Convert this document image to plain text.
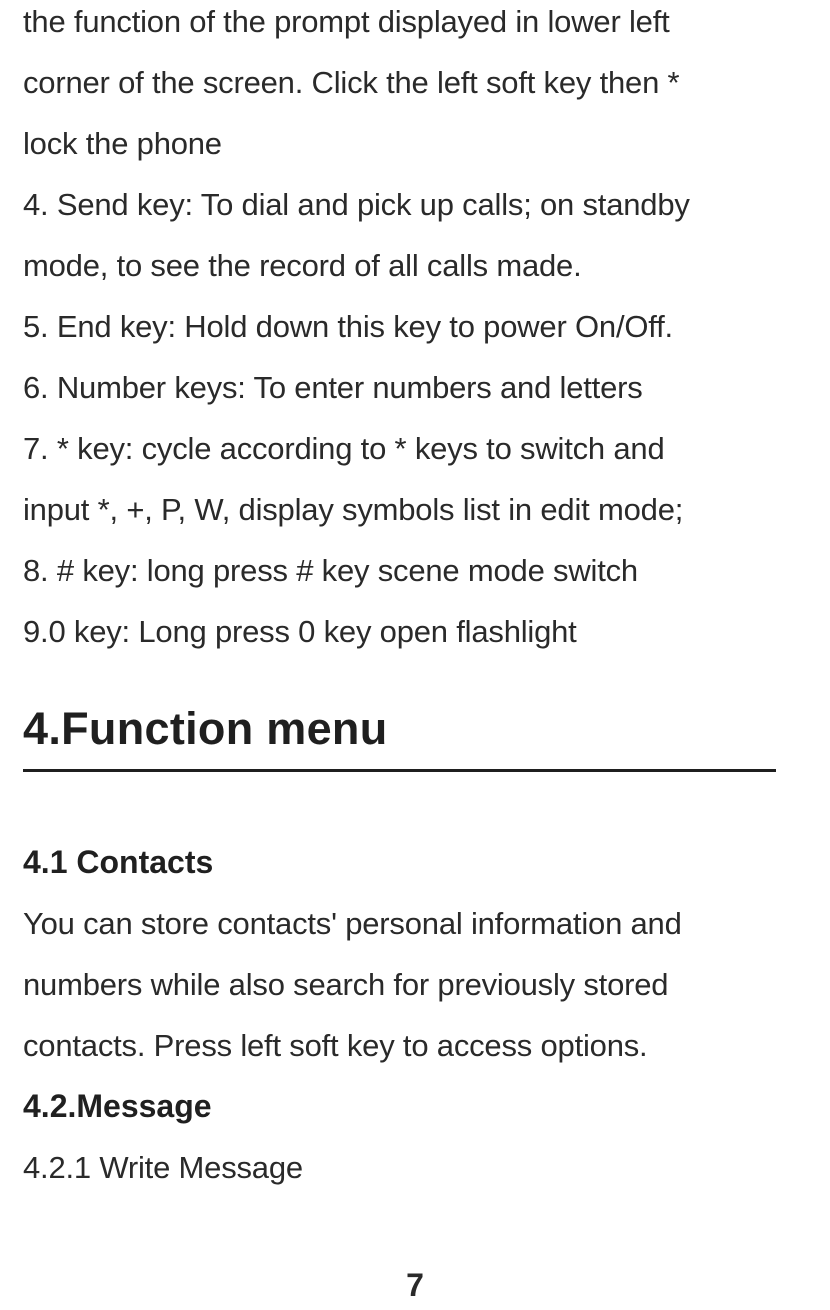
the function of the prompt displayed in lower left
corner of the screen. Click the left soft key then *
lock the phone
4. Send key: To dial and pick up calls; on standby
mode, to see the record of all calls made.
5. End key: Hold down this key to power On/Off.
6. Number keys: To enter numbers and letters
7. * key: cycle according to * keys to switch and
input *, +, P, W, display symbols list in edit mode;
8. # key: long press # key scene mode switch
9.0 key: Long press 0 key open flashlight
4.Function menu
4.1 Contacts
You can store contacts' personal information and
numbers while also search for previously stored
contacts. Press left soft key to access options.
4.2.Message
4.2.1 Write Message
7
